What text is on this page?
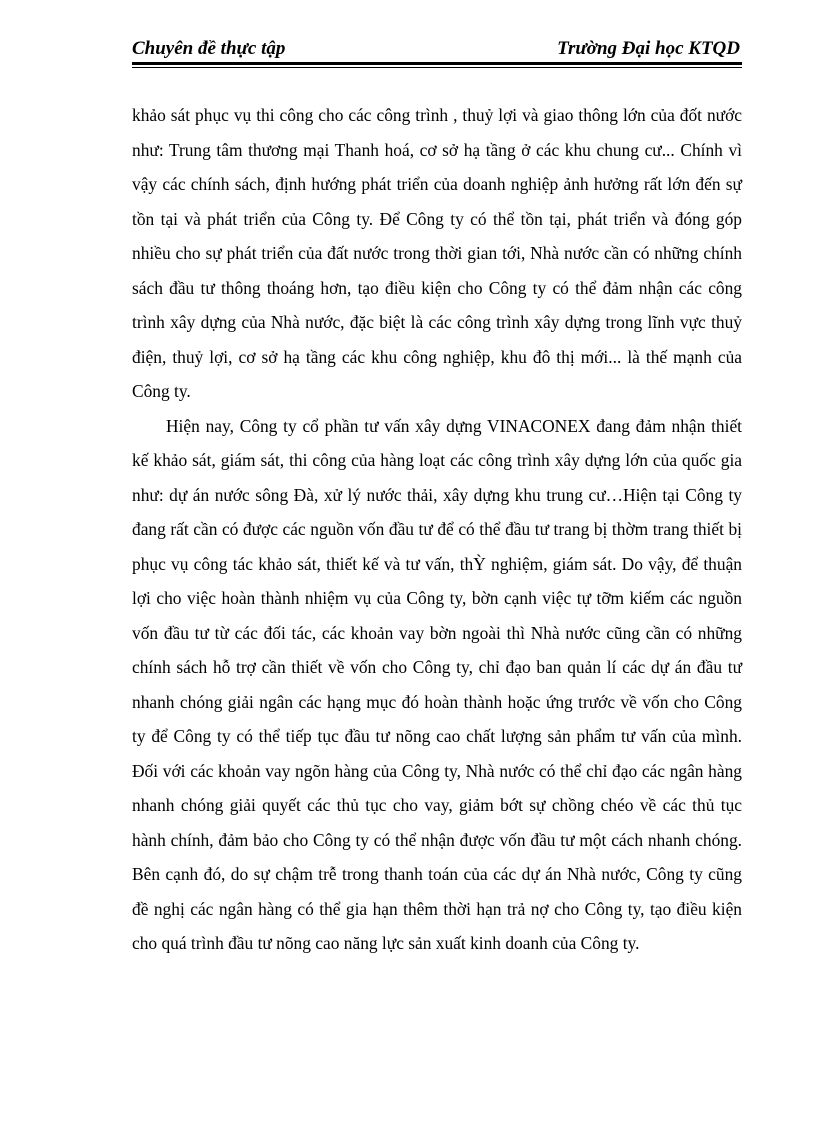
Chuyên đề thực tập	Trường Đại học KTQD

khảo sát phục vụ thi công cho các công trình , thuỷ lợi và giao thông lớn của đốt nước như: Trung tâm thương mại Thanh hoá, cơ sở hạ tầng ở các khu chung cư... Chính vì vậy các chính sách, định hướng phát triển của doanh nghiệp ảnh hưởng rất lớn đến sự tồn tại và phát triển của Công ty. Để Công ty có thể tồn tại, phát triển và đóng góp nhiều cho sự phát triển của đất nước trong thời gian tới, Nhà nước cần có những chính sách đầu tư thông thoáng hơn, tạo điều kiện cho Công ty có thể đảm nhận các công trình xây dựng của Nhà nước, đặc biệt là các công trình xây dựng trong lĩnh vực thuỷ điện, thuỷ lợi, cơ sở hạ tầng các khu công nghiệp, khu đô thị mới... là thế mạnh của Công ty.

Hiện nay, Công ty cổ phần tư vấn xây dựng VINACONEX đang đảm nhận thiết kế khảo sát, giám sát, thi công của hàng loạt các công trình xây dựng lớn của quốc gia như: dự án nước sông Đà, xử lý nước thải, xây dựng khu trung cư…Hiện tại Công ty đang rất cần có được các nguồn vốn đầu tư để có thể đầu tư trang bị thờm trang thiết bị phục vụ công tác khảo sát, thiết kế và tư vấn, thỲ nghiệm, giám sát. Do vậy, để thuận lợi cho việc hoàn thành nhiệm vụ của Công ty, bờn cạnh việc tự tỡm kiếm các nguồn vốn đầu tư từ các đối tác, các khoản vay bờn ngoài thì Nhà nước cũng cần có những chính sách hỗ trợ cần thiết về vốn cho Công ty, chỉ đạo ban quản lí các dự án đầu tư nhanh chóng giải ngân các hạng mục đó hoàn thành hoặc ứng trước về vốn cho Công ty để Công ty có thể tiếp tục đầu tư nõng cao chất lượng sản phẩm tư vấn của mình. Đối với các khoản vay ngõn hàng của Công ty, Nhà nước có thể chỉ đạo các ngân hàng nhanh chóng giải quyết các thủ tục cho vay, giảm bớt sự chồng chéo về các thủ tục hành chính, đảm bảo cho Công ty có thể nhận được vốn đầu tư một cách nhanh chóng. Bên cạnh đó, do sự chậm trễ trong thanh toán của các dự án Nhà nước, Công ty cũng đề nghị các ngân hàng có thể gia hạn thêm thời hạn trả nợ cho Công ty, tạo điều kiện cho quá trình đầu tư nõng cao năng lực sản xuất kinh doanh của Công ty.
